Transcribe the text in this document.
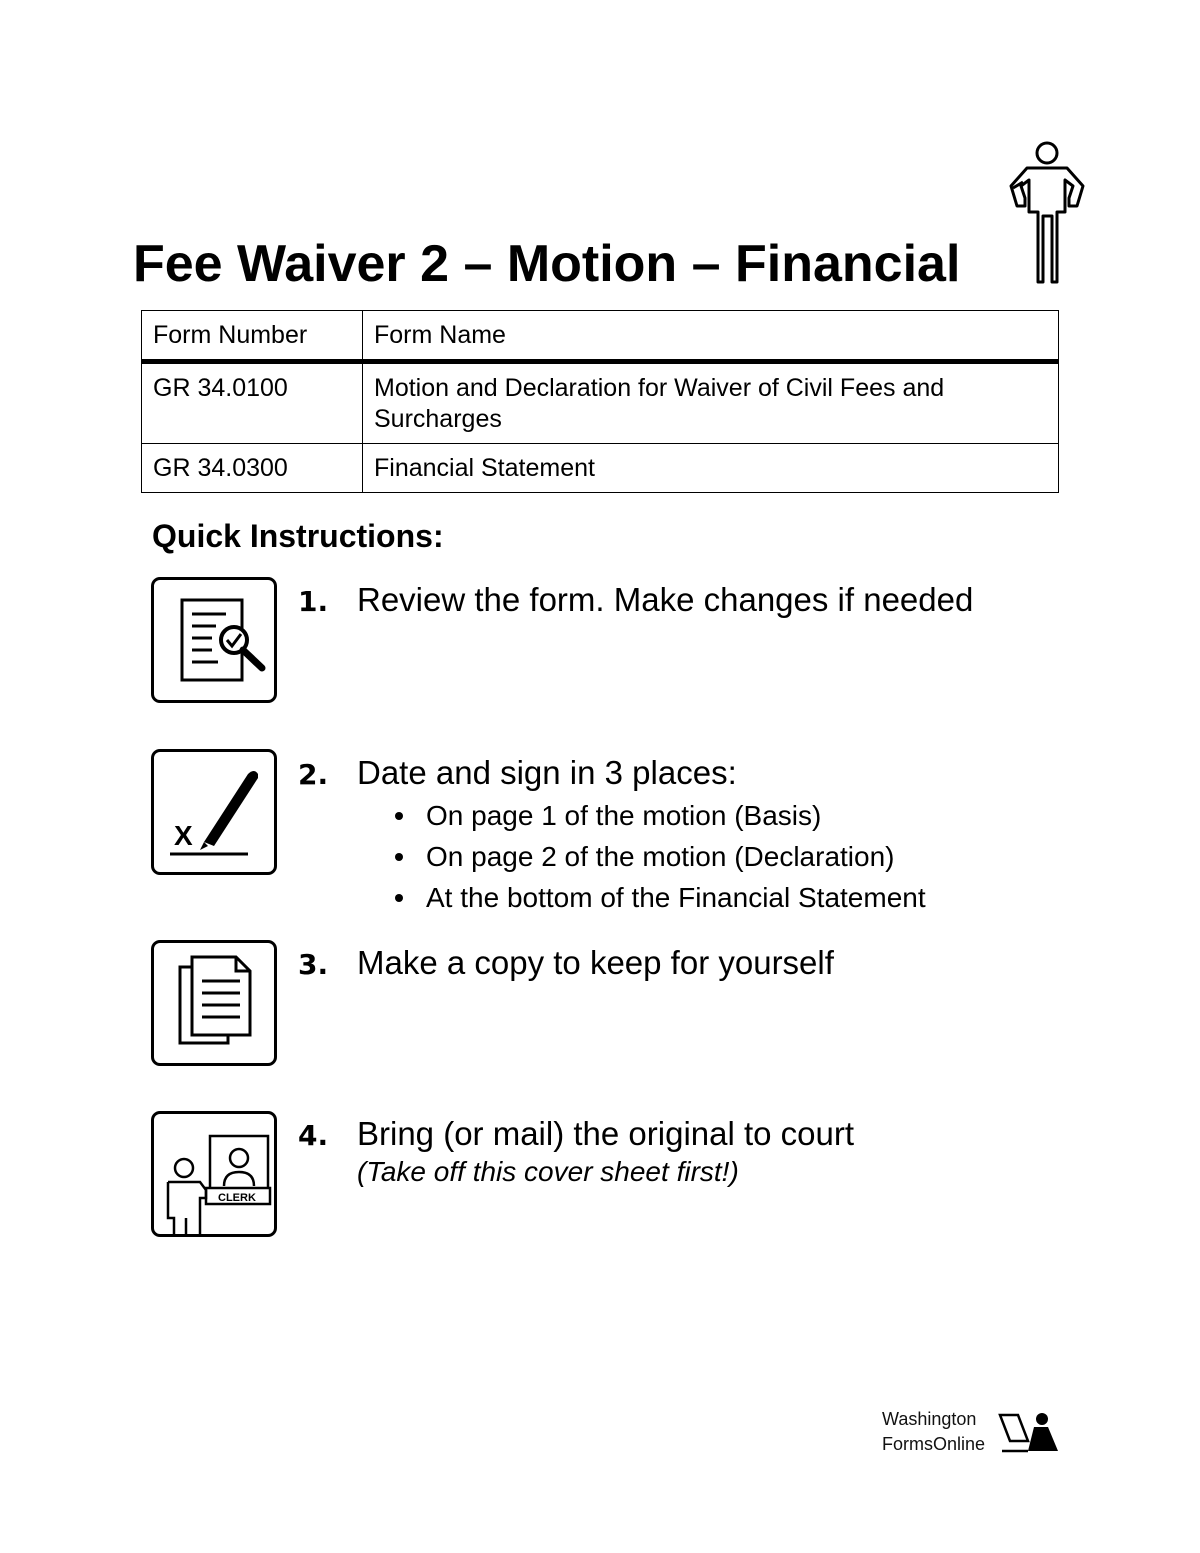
Fee Waiver 2 – Motion – Financial
Form Number	Form Name
GR 34.0100	Motion and Declaration for Waiver of Civil Fees and Surcharges
GR 34.0300	Financial Statement
Quick Instructions:
1. Review the form. Make changes if needed
X
2. Date and sign in 3 places:
On page 1 of the motion (Basis)
On page 2 of the motion (Declaration)
At the bottom of the Financial Statement
3. Make a copy to keep for yourself
CLERK
4. Bring (or mail) the original to court
(Take off this cover sheet first!)
Washington
FormsOnline
